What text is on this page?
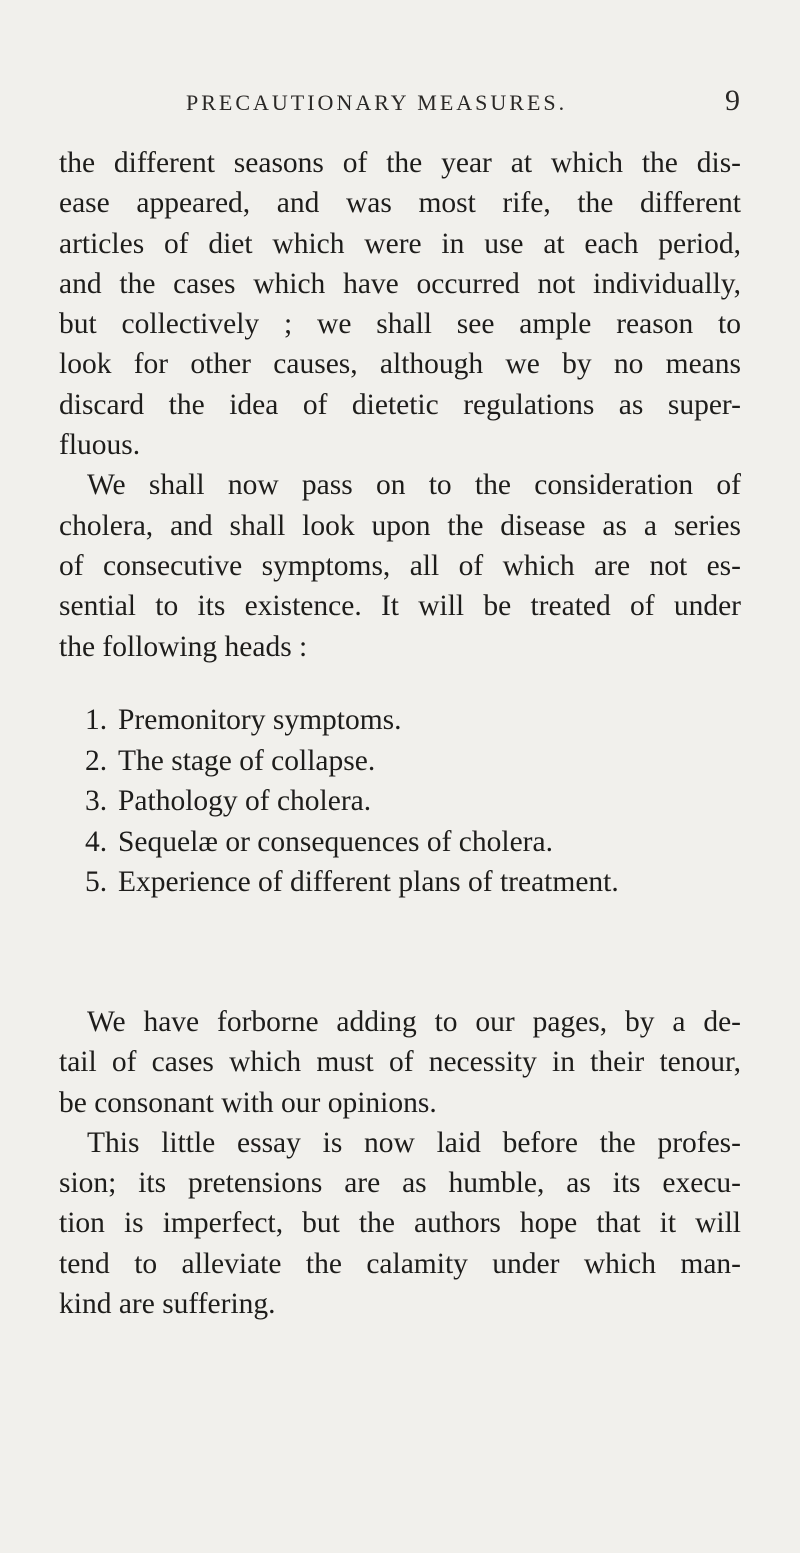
PRECAUTIONARY MEASURES.	9
the different seasons of the year at which the dis-
ease appeared, and was most rife, the different
articles of diet which were in use at each period,
and the cases which have occurred not individually,
but collectively ; we shall see ample reason to
look for other causes, although we by no means
discard the idea of dietetic regulations as super-
fluous.
We shall now pass on to the consideration of
cholera, and shall look upon the disease as a series
of consecutive symptoms, all of which are not es-
sential to its existence. It will be treated of under
the following heads :
1. Premonitory symptoms.
2. The stage of collapse.
3. Pathology of cholera.
4. Sequelæ or consequences of cholera.
5. Experience of different plans of treatment.
We have forborne adding to our pages, by a de-
tail of cases which must of necessity in their tenour,
be consonant with our opinions.
This little essay is now laid before the profes-
sion; its pretensions are as humble, as its execu-
tion is imperfect, but the authors hope that it will
tend to alleviate the calamity under which man-
kind are suffering.
